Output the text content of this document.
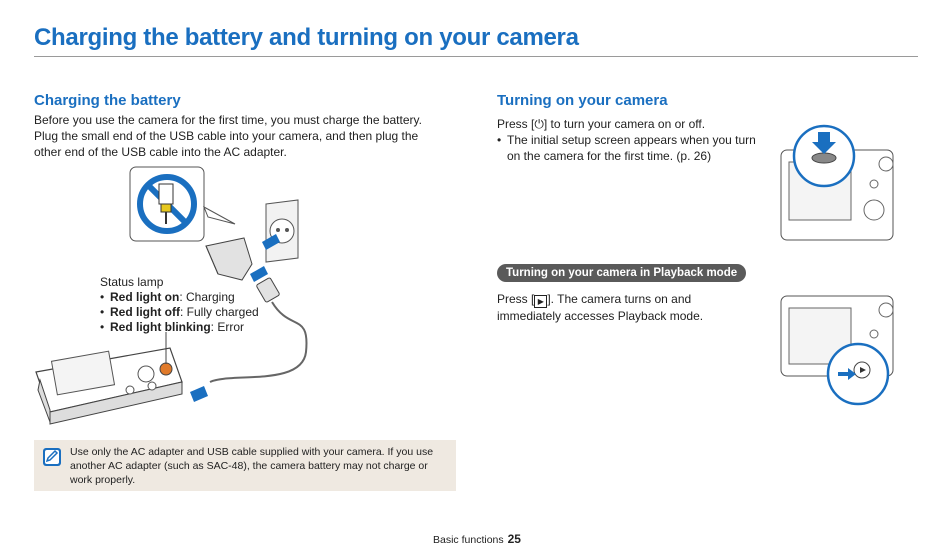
Charging the battery and turning on your camera
Charging the battery
Before you use the camera for the first time, you must charge the battery. Plug the small end of the USB cable into your camera, and then plug the other end of the USB cable into the AC adapter.
Status lamp
• Red light on: Charging
• Red light off: Fully charged
• Red light blinking: Error
Use only the AC adapter and USB cable supplied with your camera. If you use another AC adapter (such as SAC-48), the camera battery may not charge or work properly.
Turning on your camera
Press [⏻] to turn your camera on or off.
• The initial setup screen appears when you turn on the camera for the first time. (p. 26)
Turning on your camera in Playback mode
Press [ ▶ ]. The camera turns on and immediately accesses Playback mode.
Basic functions 25
